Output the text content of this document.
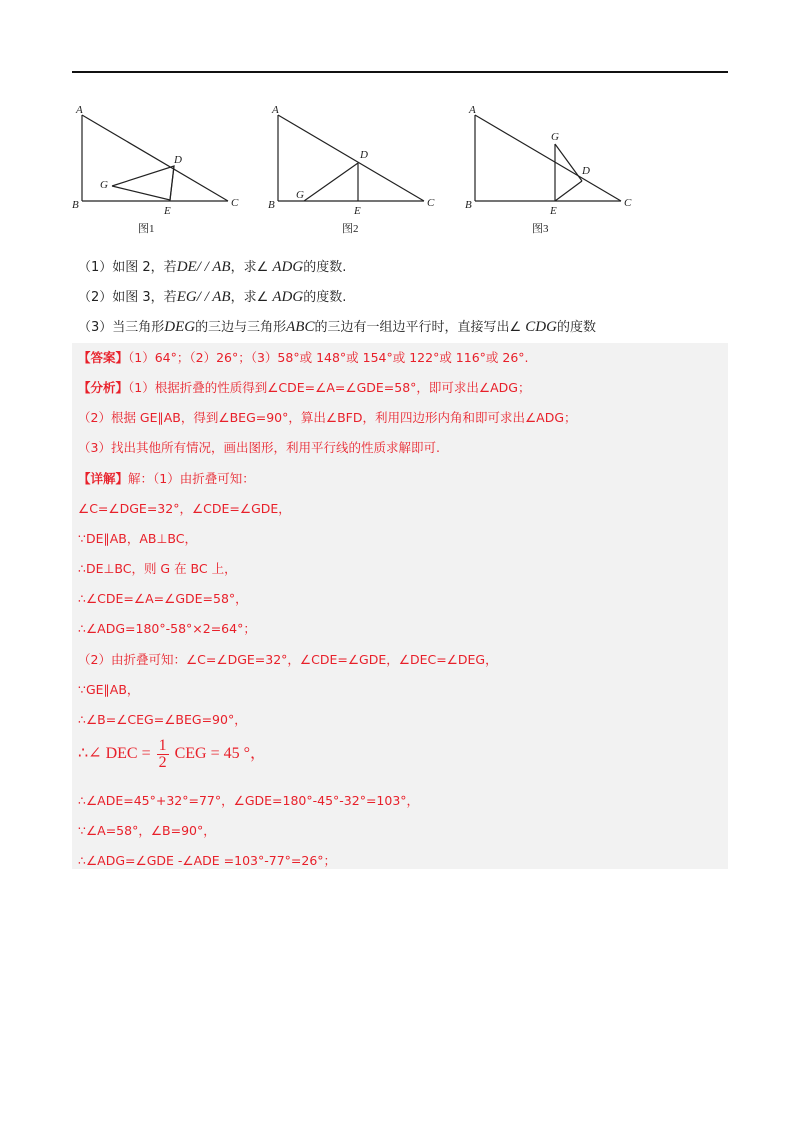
A
B	C
D
E
G
图1
A
B	C
D
E
G
图2
A
B	C
D
E
G
图3
（1）如图 2，若DE/ / AB，求∠ ADG的度数.
（2）如图 3，若EG/ / AB，求∠ ADG的度数.
（3）当三角形DEG的三边与三角形ABC的三边有一组边平行时，直接写出∠ CDG的度数
【答案】（1）64°；（2）26°；（3）58°或 148°或 154°或 122°或 116°或 26°.
【分析】（1）根据折叠的性质得到∠CDE=∠A=∠GDE=58°，即可求出∠ADG；
（2）根据 GE∥AB，得到∠BEG=90°，算出∠BFD，利用四边形内角和即可求出∠ADG；
（3）找出其他所有情况，画出图形，利用平行线的性质求解即可.
【详解】解：（1）由折叠可知：
∠C=∠DGE=32°，∠CDE=∠GDE，
∵DE∥AB，AB⊥BC，
∴DE⊥BC，则 G 在 BC 上，
∴∠CDE=∠A=∠GDE=58°，
∴∠ADG=180°-58°×2=64°；
（2）由折叠可知：∠C=∠DGE=32°，∠CDE=∠GDE，∠DEC=∠DEG，
∵GE∥AB，
∴∠B=∠CEG=∠BEG=90°，
∴∠ DEC = $\frac{1}{2}$ CEG = 45 °，
∴∠ADE=45°+32°=77°，∠GDE=180°-45°-32°=103°，
∵∠A=58°，∠B=90°，
∴∠ADG=∠GDE -∠ADE =103°-77°=26°；
